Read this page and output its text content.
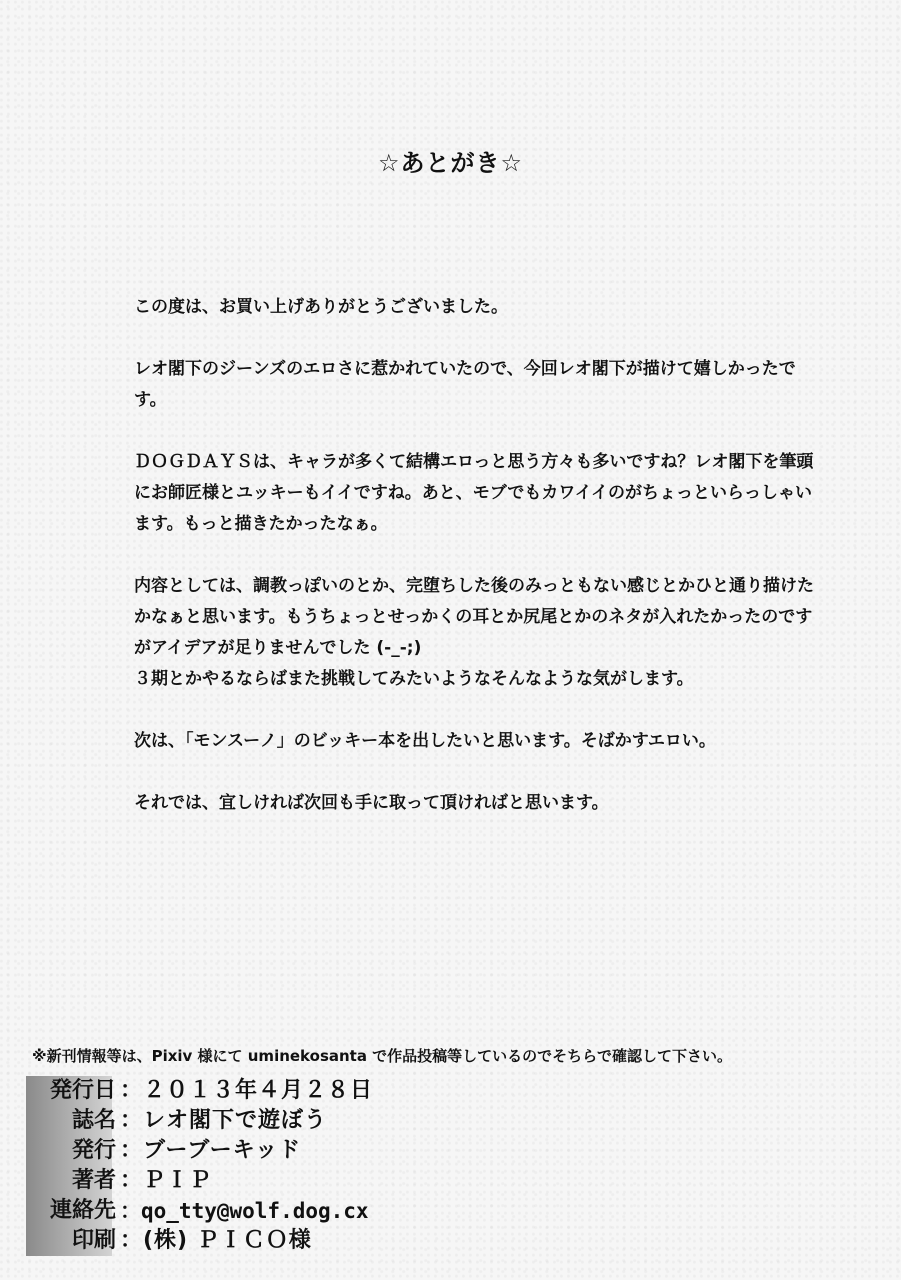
☆あとがき☆

この度は、お買い上げありがとうございました。

レオ閣下のジーンズのエロさに惹かれていたので、今回レオ閣下が描けて嬉しかったです。

ＤＯＧＤＡＹＳは、キャラが多くて結構エロっと思う方々も多いですね？レオ閣下を筆頭にお師匠様とユッキーもイイですね。あと、モブでもカワイイのがちょっといらっしゃいます。もっと描きたかったなぁ。

内容としては、調教っぽいのとか、完堕ちした後のみっともない感じとかひと通り描けたかなぁと思います。もうちょっとせっかくの耳とか尻尾とかのネタが入れたかったのですがアイデアが足りませんでした (-_-;)

３期とかやるならばまた挑戦してみたいようなそんなような気がします。

次は、「モンスーノ」のビッキー本を出したいと思います。そばかすエロい。

それでは、宜しければ次回も手に取って頂ければと思います。

※新刊情報等は、Pixiv 様にて uminekosanta で作品投稿等しているのでそちらで確認して下さい。
発行日 ：２０１３年４月２８日
誌名 ：レオ閣下で遊ぼう
発行 ：ブーブーキッド
著者 ：ＰＩＰ
連絡先 ：qo_tty@wolf.dog.cx
印刷 ：(株) ＰＩＣＯ様
